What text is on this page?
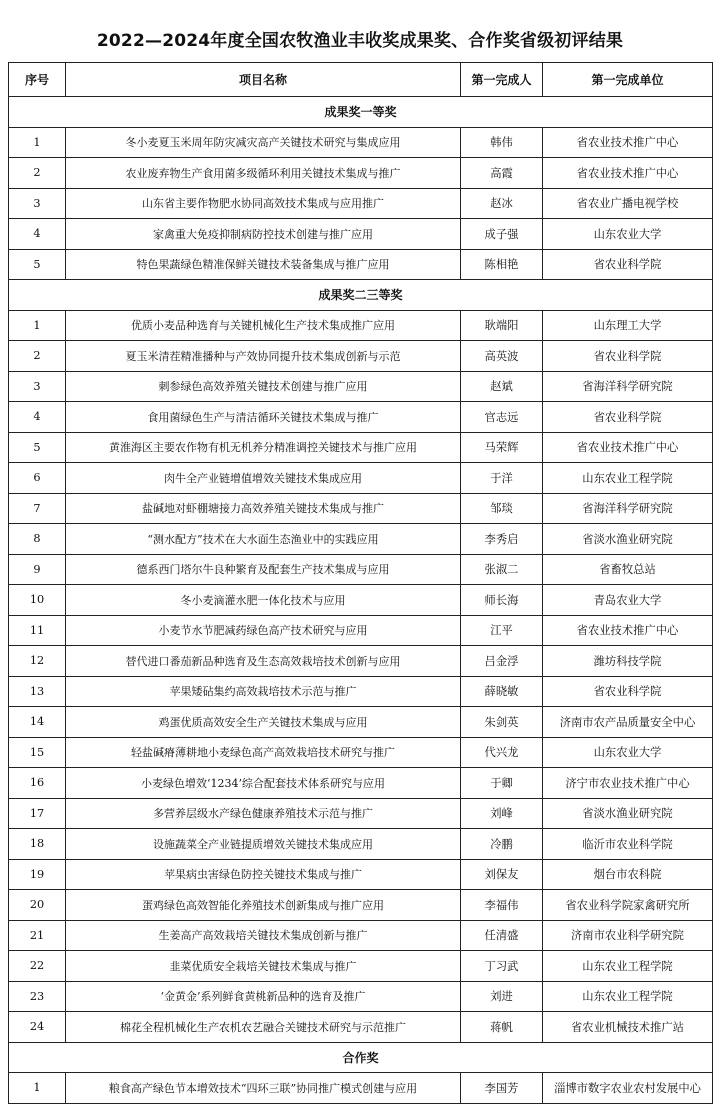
2022—2024年度全国农牧渔业丰收奖成果奖、合作奖省级初评结果
序号	项目名称	第一完成人	第一完成单位
成果奖一等奖			
1	冬小麦夏玉米周年防灾减灾高产关键技术研究与集成应用	韩伟	省农业技术推广中心
2	农业废弃物生产食用菌多级循环利用关键技术集成与推广	高霞	省农业技术推广中心
3	山东省主要作物肥水协同高效技术集成与应用推广	赵冰	省农业广播电视学校
4	家禽重大免疫抑制病防控技术创建与推广应用	成子强	山东农业大学
5	特色果蔬绿色精准保鲜关键技术装备集成与推广应用	陈相艳	省农业科学院
成果奖二三等奖			
1	优质小麦品种选育与关键机械化生产技术集成推广应用	耿端阳	山东理工大学
2	夏玉米清茬精准播种与产效协同提升技术集成创新与示范	高英波	省农业科学院
3	刺参绿色高效养殖关键技术创建与推广应用	赵斌	省海洋科学研究院
4	食用菌绿色生产与清洁循环关键技术集成与推广	官志远	省农业科学院
5	黄淮海区主要农作物有机无机养分精准调控关键技术与推广应用	马荣辉	省农业技术推广中心
6	肉牛全产业链增值增效关键技术集成应用	于洋	山东农业工程学院
7	盐碱地对虾棚塘接力高效养殖关键技术集成与推广	邹琰	省海洋科学研究院
8	“测水配方”技术在大水面生态渔业中的实践应用	李秀启	省淡水渔业研究院
9	德系西门塔尔牛良种繁育及配套生产技术集成与应用	张淑二	省畜牧总站
10	冬小麦滴灌水肥一体化技术与应用	师长海	青岛农业大学
11	小麦节水节肥减药绿色高产技术研究与应用	江平	省农业技术推广中心
12	替代进口番茄新品种选育及生态高效栽培技术创新与应用	吕金浮	潍坊科技学院
13	苹果矮砧集约高效栽培技术示范与推广	薛晓敏	省农业科学院
14	鸡蛋优质高效安全生产关键技术集成与应用	朱剑英	济南市农产品质量安全中心
15	轻盐碱瘠薄耕地小麦绿色高产高效栽培技术研究与推广	代兴龙	山东农业大学
16	小麦绿色增效‘1234’综合配套技术体系研究与应用	于卿	济宁市农业技术推广中心
17	多营养层级水产绿色健康养殖技术示范与推广	刘峰	省淡水渔业研究院
18	设施蔬菜全产业链提质增效关键技术集成应用	冷鹏	临沂市农业科学院
19	苹果病虫害绿色防控关键技术集成与推广	刘保友	烟台市农科院
20	蛋鸡绿色高效智能化养殖技术创新集成与推广应用	李福伟	省农业科学院家禽研究所
21	生姜高产高效栽培关键技术集成创新与推广	任清盛	济南市农业科学研究院
22	韭菜优质安全栽培关键技术集成与推广	丁习武	山东农业工程学院
23	‘金黄金’系列鲜食黄桃新品种的选育及推广	刘进	山东农业工程学院
24	棉花全程机械化生产农机农艺融合关键技术研究与示范推广	蒋帆	省农业机械技术推广站
合作奖			
1	粮食高产绿色节本增效技术“四环三联”协同推广模式创建与应用	李国芳	淄博市数字农业农村发展中心
